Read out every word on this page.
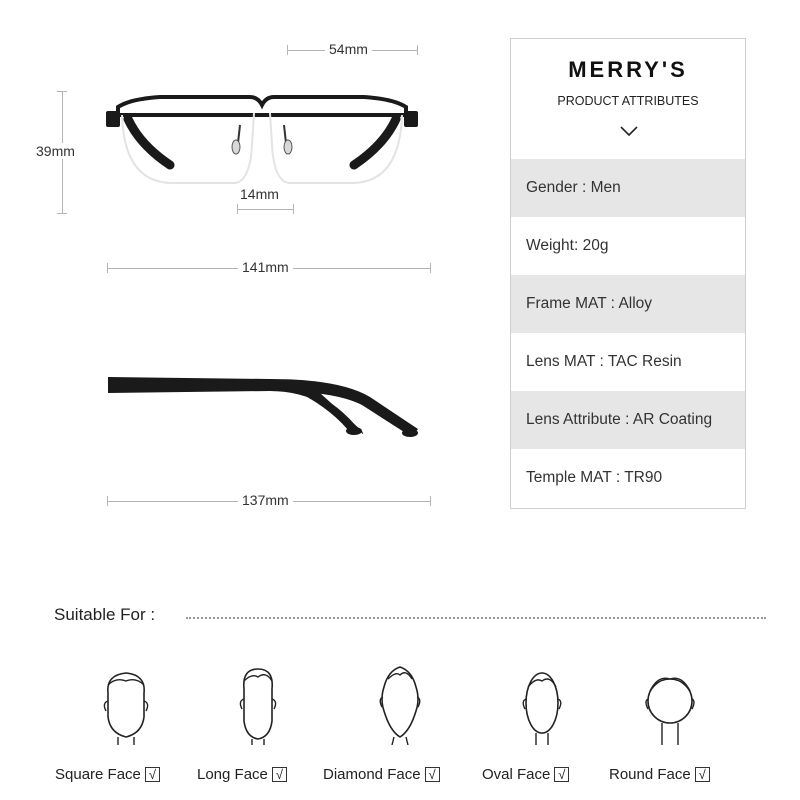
54mm
39mm
14mm
141mm
137mm
MERRY'S
PRODUCT ATTRIBUTES
Gender : Men
Weight: 20g
Frame MAT : Alloy
Lens MAT : TAC Resin
Lens Attribute : AR Coating
Temple MAT : TR90
Suitable For :
Square Face √	Long Face √	Diamond Face √	Oval Face √	Round Face √
